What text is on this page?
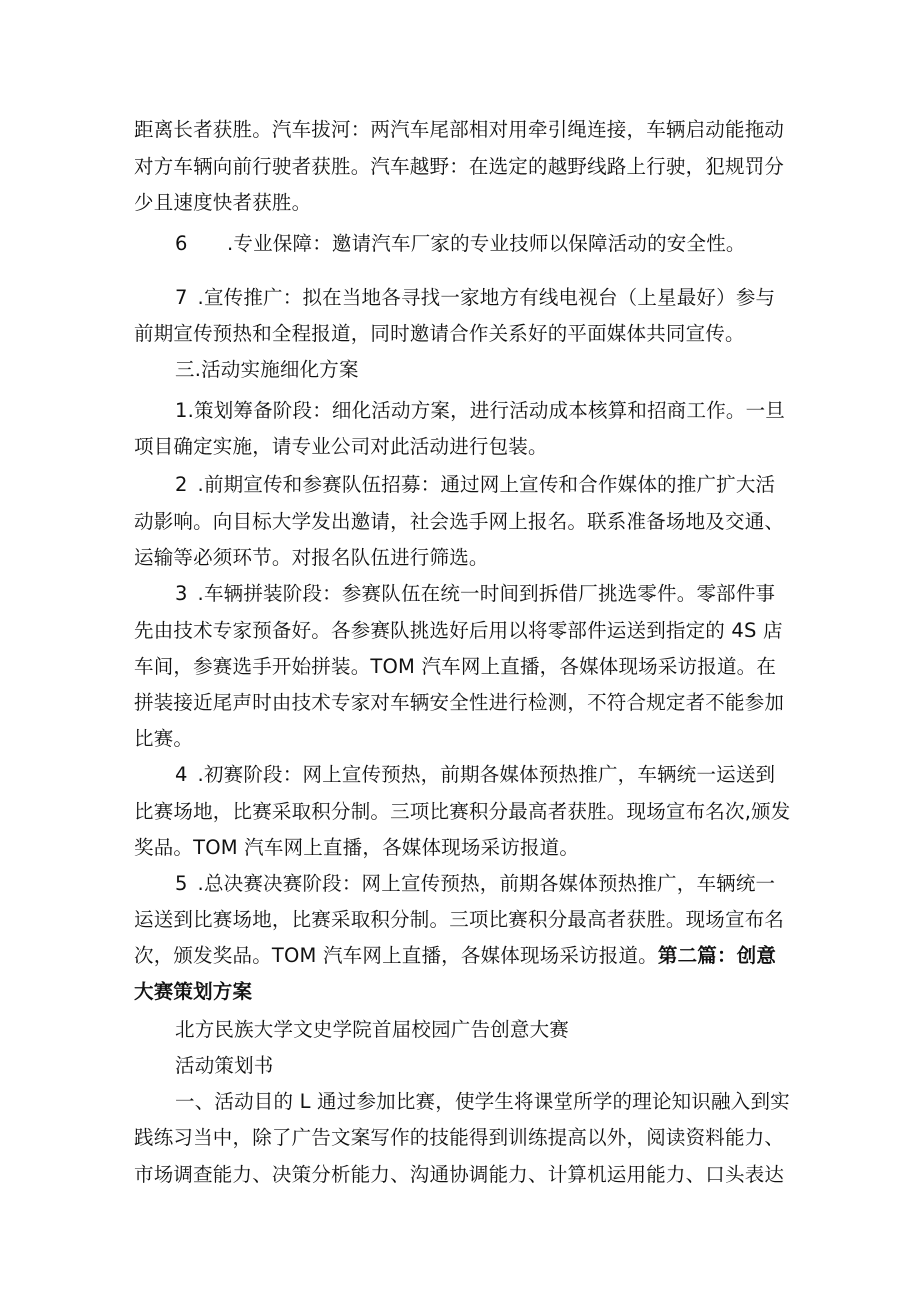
距离长者获胜。汽车拔河：两汽车尾部相对用牵引绳连接，车辆启动能拖动

对方车辆向前行驶者获胜。汽车越野：在选定的越野线路上行驶，犯规罚分

少且速度快者获胜。

6　　.专业保障：邀请汽车厂家的专业技师以保障活动的安全性。

7 .宣传推广：拟在当地各寻找一家地方有线电视台（上星最好）参与

前期宣传预热和全程报道，同时邀请合作关系好的平面媒体共同宣传。

三.活动实施细化方案

1.策划筹备阶段：细化活动方案，进行活动成本核算和招商工作。一旦

项目确定实施，请专业公司对此活动进行包装。

2 .前期宣传和参赛队伍招募：通过网上宣传和合作媒体的推广扩大活

动影响。向目标大学发出邀请，社会选手网上报名。联系准备场地及交通、

运输等必须环节。对报名队伍进行筛选。

3 .车辆拼装阶段：参赛队伍在统一时间到拆借厂挑选零件。零部件事

先由技术专家预备好。各参赛队挑选好后用以将零部件运送到指定的 4S 店

车间，参赛选手开始拼装。TOM 汽车网上直播，各媒体现场采访报道。在

拼装接近尾声时由技术专家对车辆安全性进行检测，不符合规定者不能参加

比赛。

4 .初赛阶段：网上宣传预热，前期各媒体预热推广，车辆统一运送到

比赛场地，比赛采取积分制。三项比赛积分最高者获胜。现场宣布名次,颁发

奖品。TOM 汽车网上直播，各媒体现场采访报道。

5 .总决赛决赛阶段：网上宣传预热，前期各媒体预热推广，车辆统一

运送到比赛场地，比赛采取积分制。三项比赛积分最高者获胜。现场宣布名

次，颁发奖品。TOM 汽车网上直播，各媒体现场采访报道。第二篇：创意

大赛策划方案

北方民族大学文史学院首届校园广告创意大赛

活动策划书

一、活动目的 L 通过参加比赛，使学生将课堂所学的理论知识融入到实

践练习当中，除了广告文案写作的技能得到训练提高以外，阅读资料能力、

市场调查能力、决策分析能力、沟通协调能力、计算机运用能力、口头表达
